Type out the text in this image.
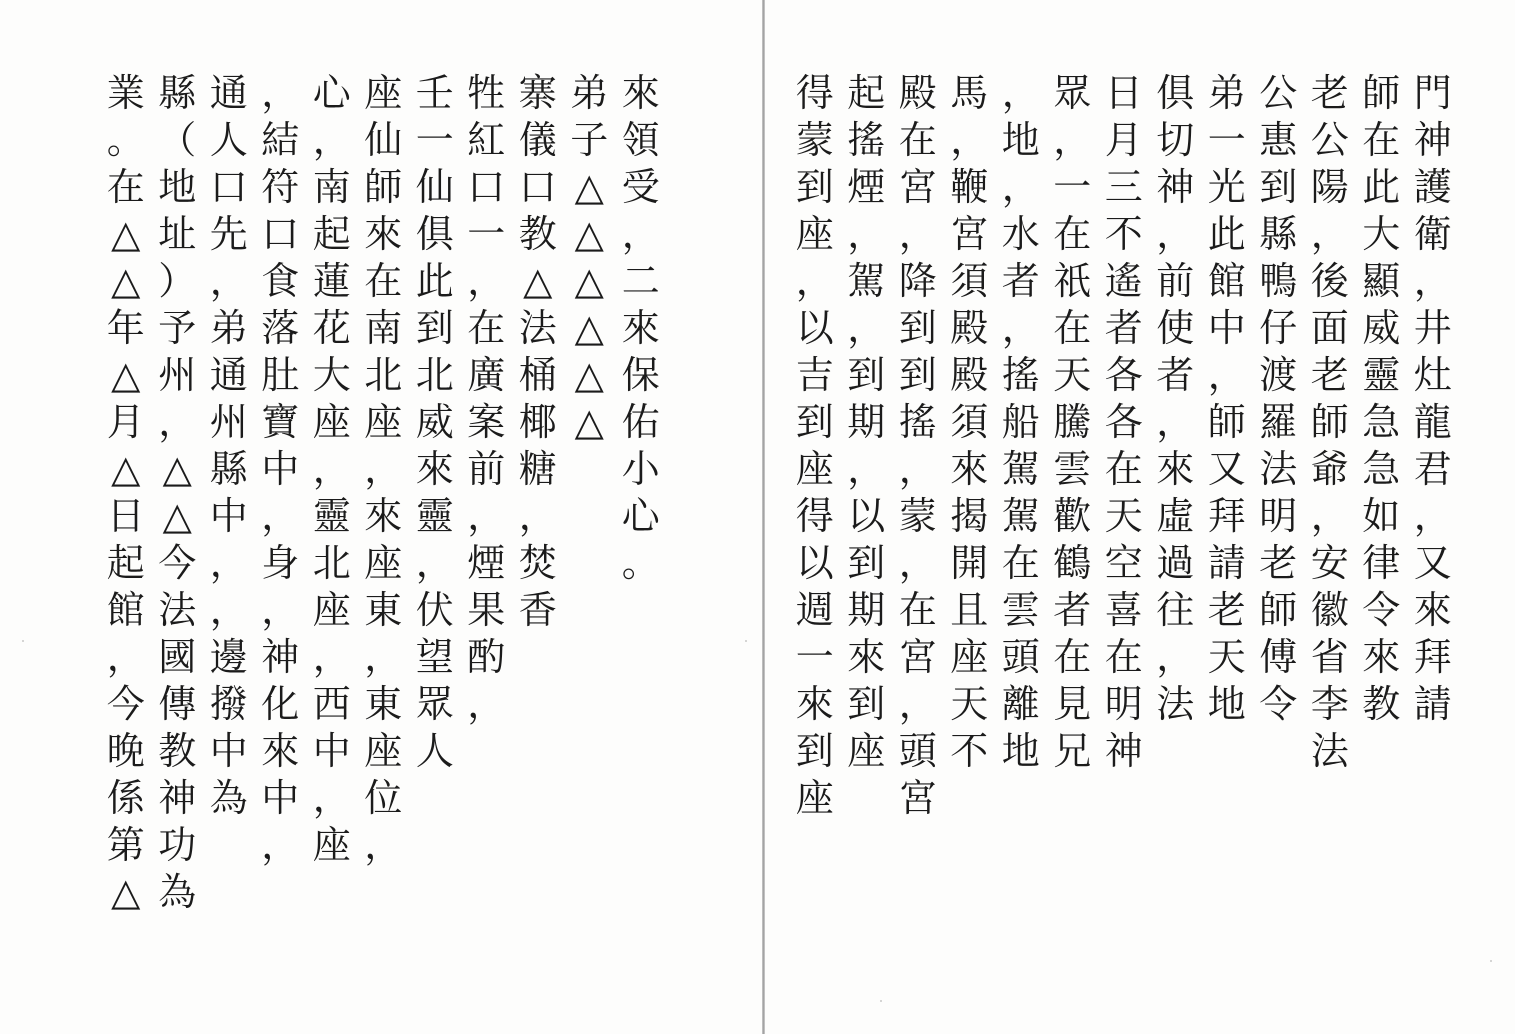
來
領
受
，
二
來
保
佑
小
心
。
弟
子
△
△
△
△
△
△
寨
儀
口
教
△
法
桶
椰
糖
，
焚
香
牲
紅
口
一
，
在
廣
案
前
，
煙
果
酌
，
壬
一
仙
俱
此
到
北
威
來
靈
，
伏
望
眾
人
座
仙
師
來
在
南
北
座
，
來
座
東
，
東
座
位
，
心
，
南
起
蓮
花
大
座
，
靈
北
座
，
西
中
，
座
，
結
符
口
食
落
肚
寶
中
，
身
，
神
化
來
中
，
通
人
口
先
，
弟
通
州
縣
中
，
，
邊
撥
中
為
縣
（
地
址
）
予
州
，
△
△
今
法
國
傳
教
神
功
為
業
。
在
△
△
年
△
月
△
日
起
館
，
今
晚
係
第
△
門
神
護
衛
，
井
灶
龍
君
，
又
來
拜
請
師
在
此
大
顯
威
靈
急
急
如
律
令
來
教
老
公
陽
，
後
面
老
師
爺
，
安
徽
省
李
法
公
惠
到
縣
鴨
仔
渡
羅
法
明
老
師
傅
令
弟
一
光
此
館
中
，
師
又
拜
請
老
天
地
俱
切
神
，
前
使
者
，
來
虛
過
往
，
法
日
月
三
不
遙
者
各
各
在
天
空
喜
在
明
神
眾
，
一
在
祇
在
天
騰
雲
歡
鶴
者
在
見
兄
，
地
，
水
者
，
搖
船
駕
駕
在
雲
頭
離
地
馬
，
鞭
宮
須
殿
殿
須
來
揭
開
且
座
天
不
殿
在
宮
，
降
到
到
搖
，
蒙
，
在
宮
，
頭
宮
起
搖
煙
，
駕
，
到
期
，
以
到
期
來
到
座
得
蒙
到
座
，
以
吉
到
座
得
以
週
一
來
到
座
